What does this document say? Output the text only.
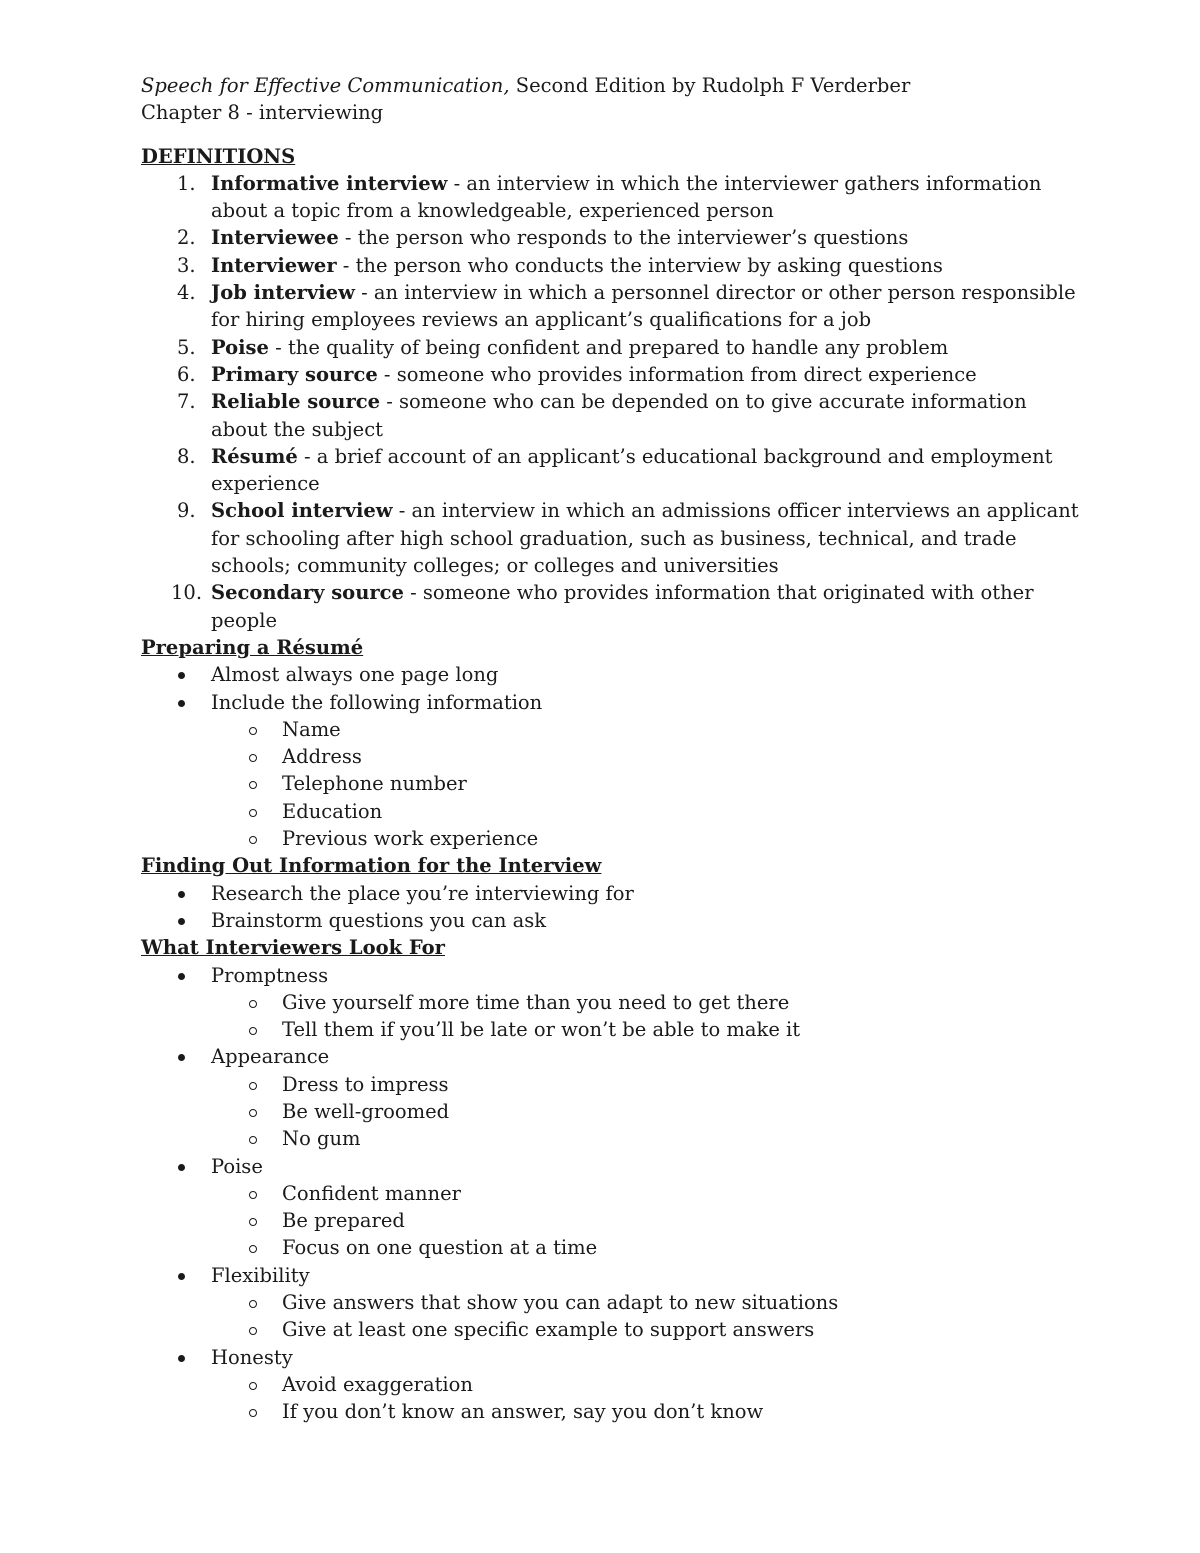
Speech for Effective Communication, Second Edition by Rudolph F Verderber
Chapter 8 - interviewing
DEFINITIONS
1. Informative interview - an interview in which the interviewer gathers information about a topic from a knowledgeable, experienced person
2. Interviewee - the person who responds to the interviewer’s questions
3. Interviewer - the person who conducts the interview by asking questions
4. Job interview - an interview in which a personnel director or other person responsible for hiring employees reviews an applicant’s qualifications for a job
5. Poise - the quality of being confident and prepared to handle any problem
6. Primary source - someone who provides information from direct experience
7. Reliable source - someone who can be depended on to give accurate information about the subject
8. Résumé - a brief account of an applicant’s educational background and employment experience
9. School interview - an interview in which an admissions officer interviews an applicant for schooling after high school graduation, such as business, technical, and trade schools; community colleges; or colleges and universities
10. Secondary source - someone who provides information that originated with other people
Preparing a Résumé
Almost always one page long
Include the following information
Name
Address
Telephone number
Education
Previous work experience
Finding Out Information for the Interview
Research the place you’re interviewing for
Brainstorm questions you can ask
What Interviewers Look For
Promptness
Give yourself more time than you need to get there
Tell them if you’ll be late or won’t be able to make it
Appearance
Dress to impress
Be well-groomed
No gum
Poise
Confident manner
Be prepared
Focus on one question at a time
Flexibility
Give answers that show you can adapt to new situations
Give at least one specific example to support answers
Honesty
Avoid exaggeration
If you don’t know an answer, say you don’t know
